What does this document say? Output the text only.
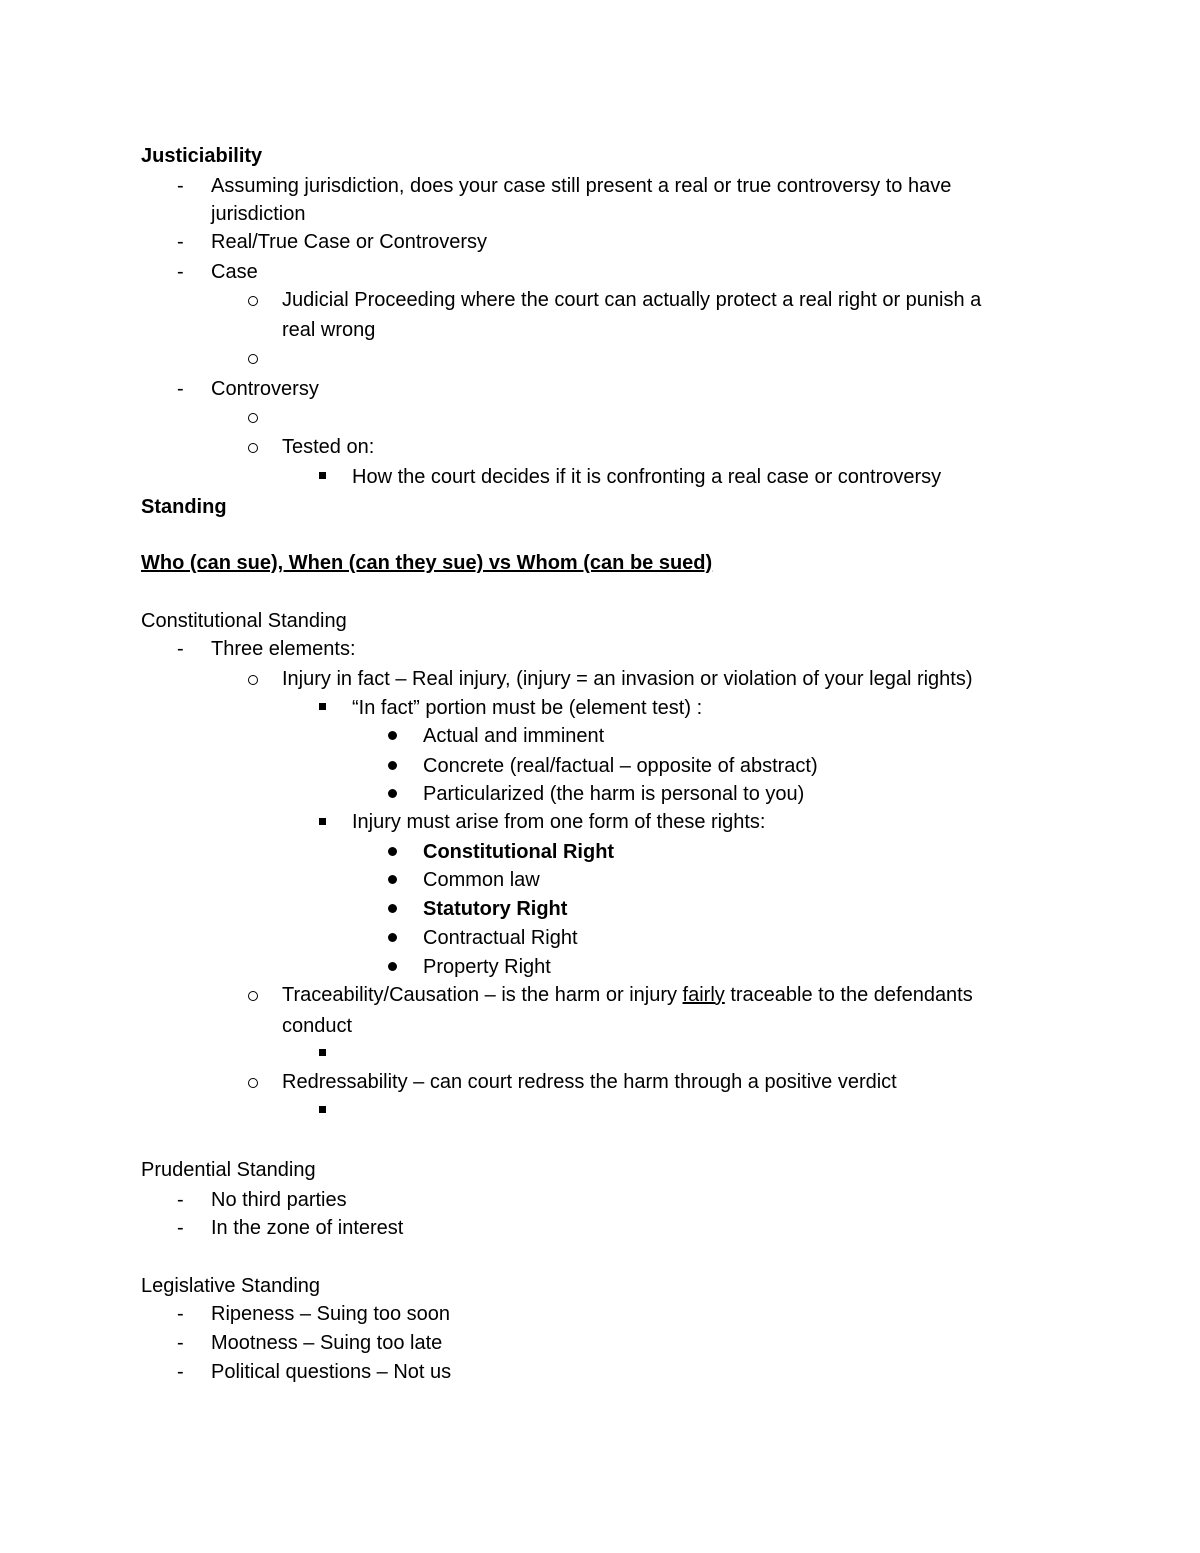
Justiciability
- Assuming jurisdiction, does your case still present a real or true controversy to have
jurisdiction
- Real/True Case or Controversy
- Case
Judicial Proceeding where the court can actually protect a real right or punish a
real wrong
- Controversy
Tested on:
How the court decides if it is confronting a real case or controversy
Standing
Who (can sue), When (can they sue) vs Whom (can be sued)
Constitutional Standing
- Three elements:
Injury in fact – Real injury, (injury = an invasion or violation of your legal rights)
“In fact” portion must be (element test) :
Actual and imminent
Concrete (real/factual – opposite of abstract)
Particularized (the harm is personal to you)
Injury must arise from one form of these rights:
Constitutional Right
Common law
Statutory Right
Contractual Right
Property Right
Traceability/Causation – is the harm or injury fairly traceable to the defendants
conduct
Redressability – can court redress the harm through a positive verdict
Prudential Standing
- No third parties
- In the zone of interest
Legislative Standing
- Ripeness – Suing too soon
- Mootness – Suing too late
- Political questions – Not us
